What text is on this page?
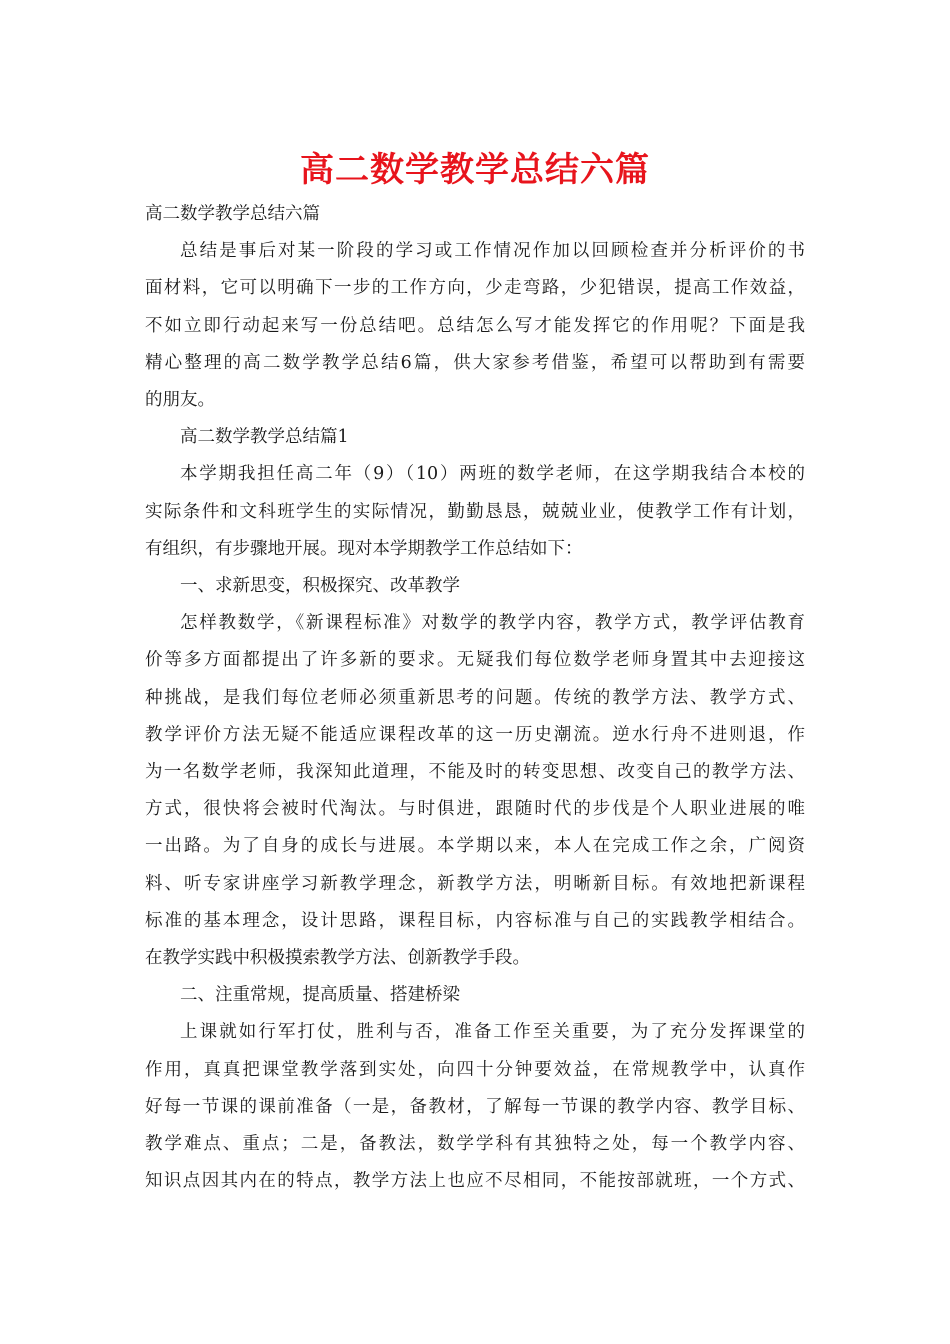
高二数学教学总结六篇
高二数学教学总结六篇
总结是事后对某一阶段的学习或工作情况作加以回顾检查并分析评价的书
面材料，它可以明确下一步的工作方向，少走弯路，少犯错误，提高工作效益，
不如立即行动起来写一份总结吧。总结怎么写才能发挥它的作用呢？下面是我
精心整理的高二数学教学总结6篇，供大家参考借鉴，希望可以帮助到有需要
的朋友。
高二数学教学总结篇1
本学期我担任高二年（9）（10）两班的数学老师，在这学期我结合本校的
实际条件和文科班学生的实际情况，勤勤恳恳，兢兢业业，使教学工作有计划，
有组织，有步骤地开展。现对本学期教学工作总结如下：
一、求新思变，积极探究、改革教学
怎样教数学，《新课程标准》对数学的教学内容，教学方式，教学评估教育
价等多方面都提出了许多新的要求。无疑我们每位数学老师身置其中去迎接这
种挑战，是我们每位老师必须重新思考的问题。传统的教学方法、教学方式、
教学评价方法无疑不能适应课程改革的这一历史潮流。逆水行舟不进则退，作
为一名数学老师，我深知此道理，不能及时的转变思想、改变自己的教学方法、
方式，很快将会被时代淘汰。与时俱进，跟随时代的步伐是个人职业进展的唯
一出路。为了自身的成长与进展。本学期以来，本人在完成工作之余，广阅资
料、听专家讲座学习新教学理念，新教学方法，明晰新目标。有效地把新课程
标准的基本理念，设计思路，课程目标，内容标准与自己的实践教学相结合。
在教学实践中积极摸索教学方法、创新教学手段。
二、注重常规，提高质量、搭建桥梁
上课就如行军打仗，胜利与否，准备工作至关重要，为了充分发挥课堂的
作用，真真把课堂教学落到实处，向四十分钟要效益，在常规教学中，认真作
好每一节课的课前准备（一是，备教材，了解每一节课的教学内容、教学目标、
教学难点、重点；二是，备教法，数学学科有其独特之处，每一个教学内容、
知识点因其内在的特点，教学方法上也应不尽相同，不能按部就班，一个方式、
